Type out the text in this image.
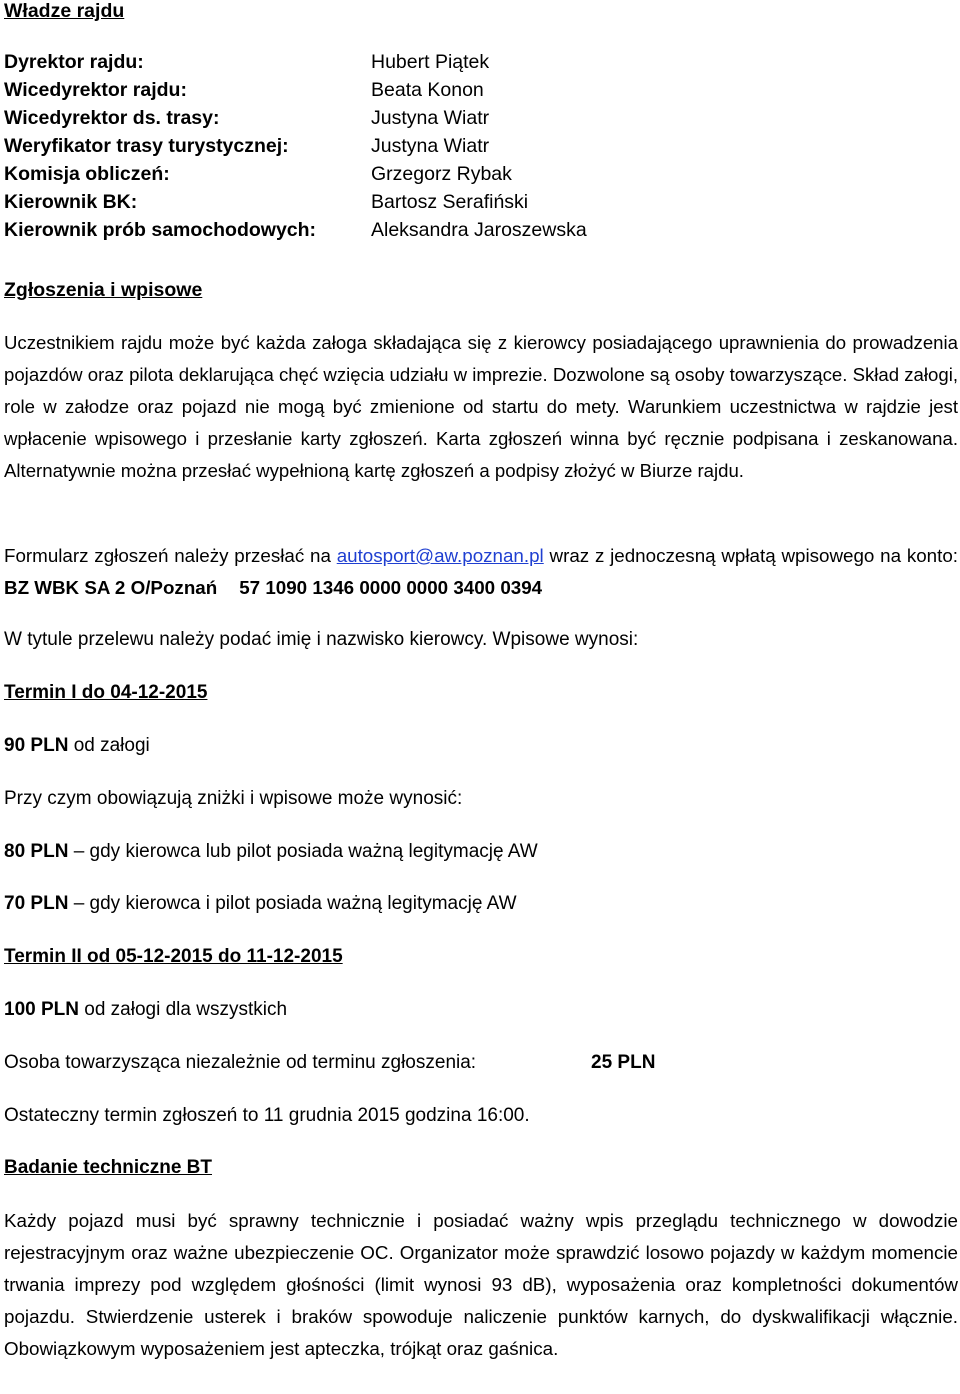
Władze rajdu
Dyrektor rajdu:	Hubert Piątek
Wicedyrektor rajdu:	Beata Konon
Wicedyrektor ds. trasy:	Justyna Wiatr
Weryfikator trasy turystycznej:	Justyna Wiatr
Komisja obliczeń:	Grzegorz Rybak
Kierownik BK:	Bartosz Serafiński
Kierownik prób samochodowych:	Aleksandra Jaroszewska
Zgłoszenia i wpisowe
Uczestnikiem rajdu może być każda załoga składająca się z kierowcy posiadającego uprawnienia do prowadzenia pojazdów oraz pilota deklarująca chęć wzięcia udziału w imprezie. Dozwolone są osoby towarzyszące. Skład załogi, role w załodze oraz pojazd nie mogą być zmienione od startu do mety. Warunkiem uczestnictwa w rajdzie jest wpłacenie wpisowego i przesłanie karty zgłoszeń. Karta zgłoszeń winna być ręcznie podpisana i zeskanowana. Alternatywnie można przesłać wypełnioną kartę zgłoszeń a podpisy złożyć w Biurze rajdu.
Formularz zgłoszeń należy przesłać na autosport@aw.poznan.pl wraz z jednoczesną wpłatą wpisowego na konto: BZ WBK SA 2 O/Poznań 57 1090 1346 0000 0000 3400 0394
W tytule przelewu należy podać imię i nazwisko kierowcy. Wpisowe wynosi:
Termin I do 04-12-2015
90 PLN od załogi
Przy czym obowiązują zniżki i wpisowe może wynosić:
80 PLN – gdy kierowca lub pilot posiada ważną legitymację AW
70 PLN – gdy kierowca i pilot posiada ważną legitymację AW
Termin II od 05-12-2015 do 11-12-2015
100 PLN od załogi dla wszystkich
Osoba towarzysząca niezależnie od terminu zgłoszenia:	25 PLN
Ostateczny termin zgłoszeń to 11 grudnia 2015 godzina 16:00.
Badanie techniczne BT
Każdy pojazd musi być sprawny technicznie i posiadać ważny wpis przeglądu technicznego w dowodzie rejestracyjnym oraz ważne ubezpieczenie OC. Organizator może sprawdzić losowo pojazdy w każdym momencie trwania imprezy pod względem głośności (limit wynosi 93 dB), wyposażenia oraz kompletności dokumentów pojazdu. Stwierdzenie usterek i braków spowoduje naliczenie punktów karnych, do dyskwalifikacji włącznie. Obowiązkowym wyposażeniem jest apteczka, trójkąt oraz gaśnica.
